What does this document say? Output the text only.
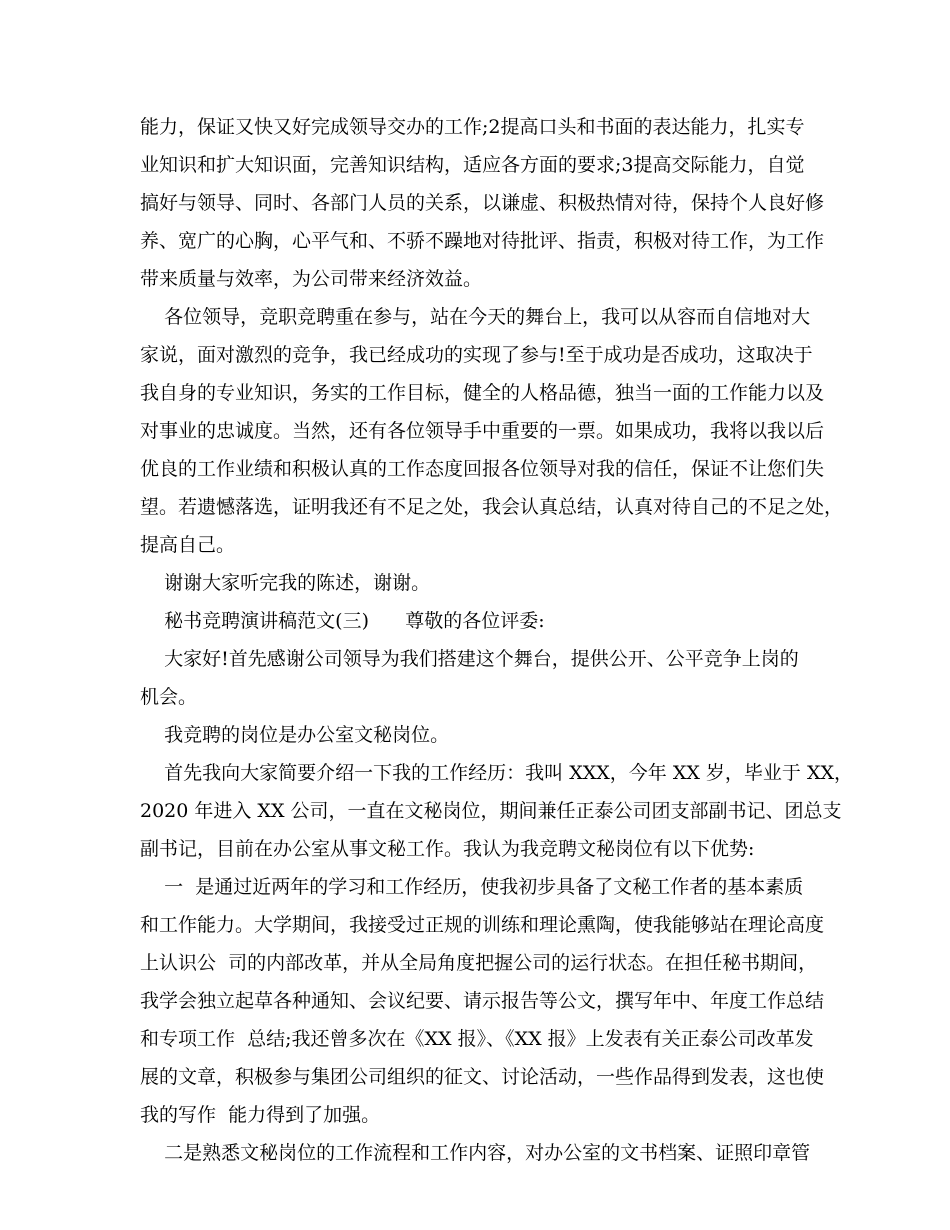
能力，保证又快又好完成领导交办的工作;2提高口头和书面的表达能力，扎实专
业知识和扩大知识面，完善知识结构，适应各方面的要求;3提高交际能力，自觉
搞好与领导、同时、各部门人员的关系，以谦虚、积极热情对待，保持个人良好修
养、宽广的心胸，心平气和、不骄不躁地对待批评、指责，积极对待工作，为工作
带来质量与效率，为公司带来经济效益。
各位领导，竞职竞聘重在参与，站在今天的舞台上，我可以从容而自信地对大
家说，面对激烈的竞争，我已经成功的实现了参与!至于成功是否成功，这取决于
我自身的专业知识，务实的工作目标，健全的人格品德，独当一面的工作能力以及
对事业的忠诚度。当然，还有各位领导手中重要的一票。如果成功，我将以我以后
优良的工作业绩和积极认真的工作态度回报各位领导对我的信任，保证不让您们失
望。若遗憾落选，证明我还有不足之处，我会认真总结，认真对待自己的不足之处，
提高自己。
谢谢大家听完我的陈述，谢谢。
秘书竞聘演讲稿范文(三)      尊敬的各位评委:
大家好!首先感谢公司领导为我们搭建这个舞台，提供公开、公平竞争上岗的
机会。
我竞聘的岗位是办公室文秘岗位。
首先我向大家简要介绍一下我的工作经历：我叫 XXX，今年 XX 岁，毕业于 XX，
2020 年进入 XX 公司，一直在文秘岗位，期间兼任正泰公司团支部副书记、团总支
副书记，目前在办公室从事文秘工作。我认为我竞聘文秘岗位有以下优势:
一  是通过近两年的学习和工作经历，使我初步具备了文秘工作者的基本素质
和工作能力。大学期间，我接受过正规的训练和理论熏陶，使我能够站在理论高度
上认识公  司的内部改革，并从全局角度把握公司的运行状态。在担任秘书期间，
我学会独立起草各种通知、会议纪要、请示报告等公文，撰写年中、年度工作总结
和专项工作  总结;我还曾多次在《XX 报》、《XX 报》上发表有关正泰公司改革发
展的文章，积极参与集团公司组织的征文、讨论活动，一些作品得到发表，这也使
我的写作  能力得到了加强。
二是熟悉文秘岗位的工作流程和工作内容，对办公室的文书档案、证照印章管
